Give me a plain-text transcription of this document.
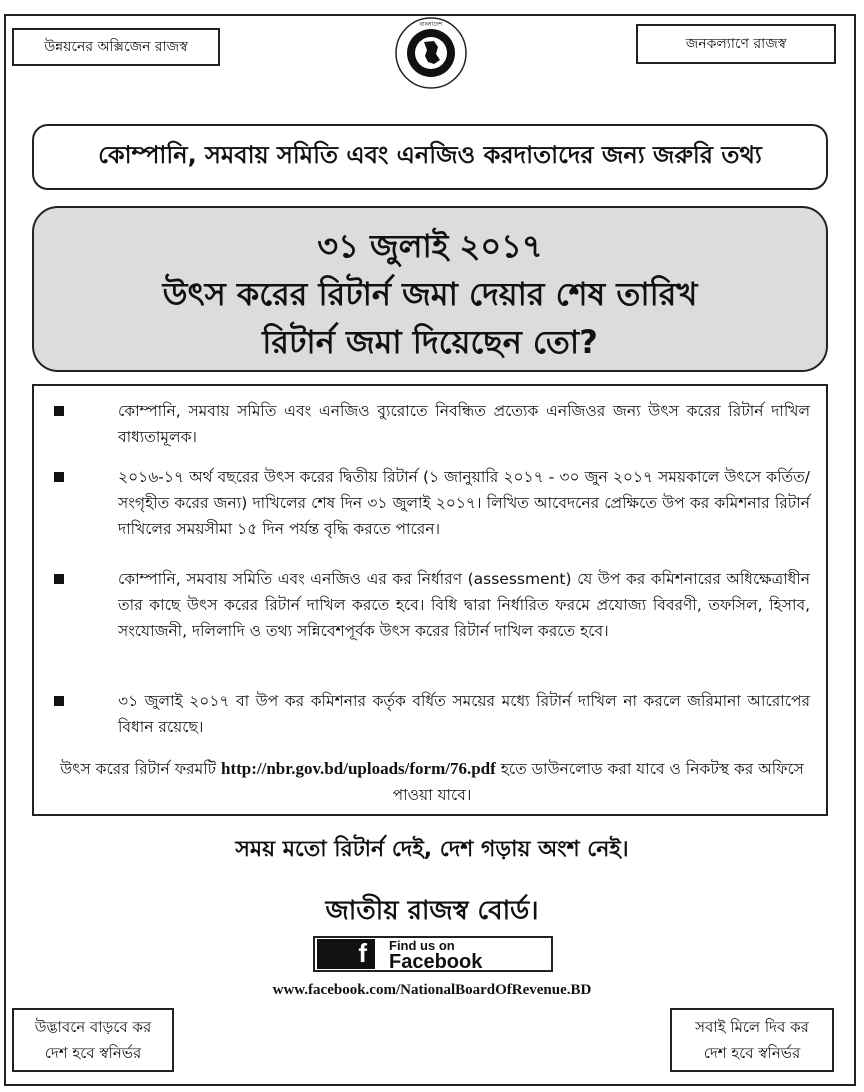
উন্নয়নের অক্সিজেন রাজস্ব	জনকল্যাণে রাজস্ব
বাংলাদেশ
কোম্পানি, সমবায় সমিতি এবং এনজিও করদাতাদের জন্য জরুরি তথ্য
৩১ জুলাই ২০১৭
উৎস করের রিটার্ন জমা দেয়ার শেষ তারিখ
রিটার্ন জমা দিয়েছেন তো?
কোম্পানি, সমবায় সমিতি এবং এনজিও ব্যুরোতে নিবন্ধিত প্রত্যেক এনজিওর জন্য উৎস করের রিটার্ন দাখিল বাধ্যতামূলক।
২০১৬-১৭ অর্থ বছরের উৎস করের দ্বিতীয় রিটার্ন (১ জানুয়ারি ২০১৭ - ৩০ জুন ২০১৭ সময়কালে উৎসে কর্তিত/সংগৃহীত করের জন্য) দাখিলের শেষ দিন ৩১ জুলাই ২০১৭। লিখিত আবেদনের প্রেক্ষিতে উপ কর কমিশনার রিটার্ন দাখিলের সময়সীমা ১৫ দিন পর্যন্ত বৃদ্ধি করতে পারেন।
কোম্পানি, সমবায় সমিতি এবং এনজিও এর কর নির্ধারণ (assessment) যে উপ কর কমিশনারের অধিক্ষেত্রাধীন তার কাছে উৎস করের রিটার্ন দাখিল করতে হবে। বিধি দ্বারা নির্ধারিত ফরমে প্রযোজ্য বিবরণী, তফসিল, হিসাব, সংযোজনী, দলিলাদি ও তথ্য সন্নিবেশপূর্বক উৎস করের রিটার্ন দাখিল করতে হবে।
৩১ জুলাই ২০১৭ বা উপ কর কমিশনার কর্তৃক বর্ধিত সময়ের মধ্যে রিটার্ন দাখিল না করলে জরিমানা আরোপের বিধান রয়েছে।
উৎস করের রিটার্ন ফরমটি http://nbr.gov.bd/uploads/form/76.pdf হতে ডাউনলোড করা যাবে ও নিকটস্থ কর অফিসে পাওয়া যাবে।
সময় মতো রিটার্ন দেই, দেশ গড়ায় অংশ নেই।
জাতীয় রাজস্ব বোর্ড।
f	Find us on
Facebook
www.facebook.com/NationalBoardOfRevenue.BD
উদ্ভাবনে বাড়বে কর
দেশ হবে স্বনির্ভর
সবাই মিলে দিব কর
দেশ হবে স্বনির্ভর
